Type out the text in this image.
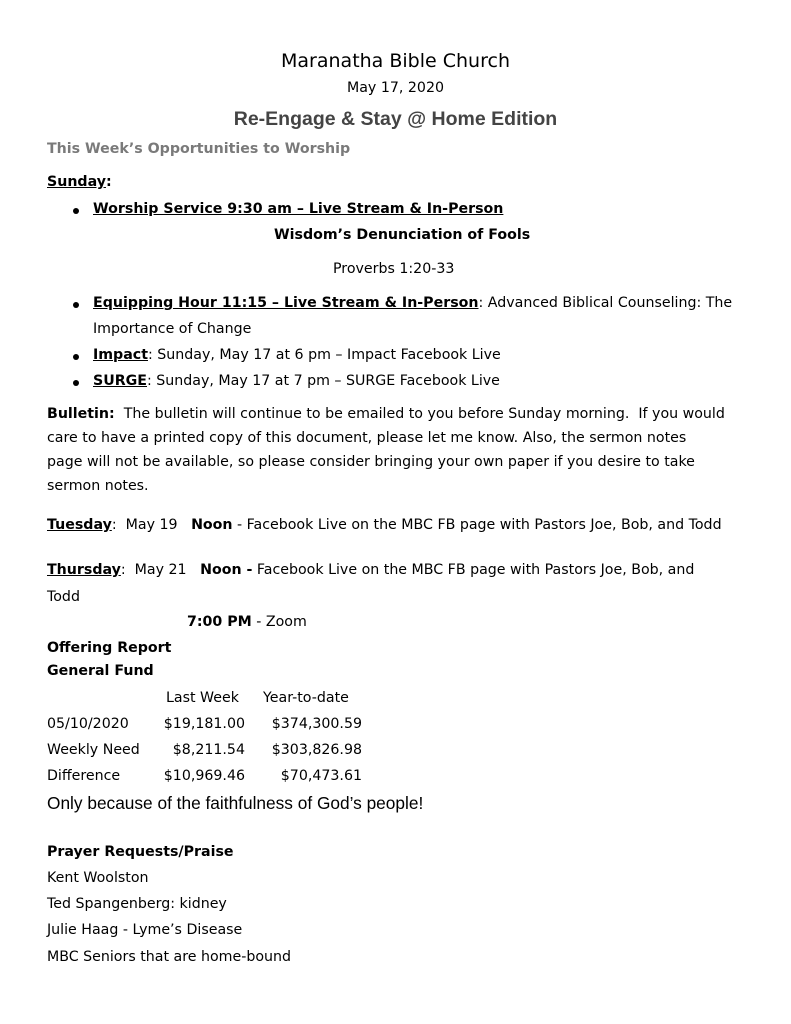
Maranatha Bible Church
May 17, 2020
Re-Engage & Stay @ Home Edition
This Week’s Opportunities to Worship
Sunday:
Worship Service 9:30 am – Live Stream & In-Person
Wisdom’s Denunciation of Fools
Proverbs 1:20-33
Equipping Hour 11:15 – Live Stream & In-Person: Advanced Biblical Counseling: The
Importance of Change
Impact: Sunday, May 17 at 6 pm – Impact Facebook Live
SURGE: Sunday, May 17 at 7 pm – SURGE Facebook Live
Bulletin:  The bulletin will continue to be emailed to you before Sunday morning.  If you would
care to have a printed copy of this document, please let me know. Also, the sermon notes
page will not be available, so please consider bringing your own paper if you desire to take
sermon notes.
Tuesday:  May 19   Noon - Facebook Live on the MBC FB page with Pastors Joe, Bob, and Todd
Thursday:  May 21   Noon - Facebook Live on the MBC FB page with Pastors Joe, Bob, and
Todd
7:00 PM - Zoom
Offering Report
General Fund
Last Week Year-to-date
05/10/2020	$19,181.00	$374,300.59
Weekly Need	$8,211.54	$303,826.98
Difference	$10,969.46	$70,473.61
Only because of the faithfulness of God’s people!
Prayer Requests/Praise
Kent Woolston
Ted Spangenberg: kidney
Julie Haag - Lyme’s Disease
MBC Seniors that are home-bound
